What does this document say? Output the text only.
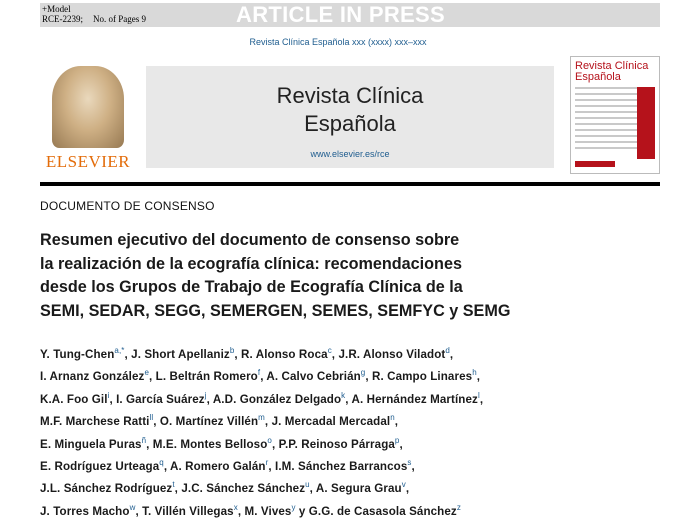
+Model
RCE-2239; No. of Pages 9	ARTICLE IN PRESS
Revista Clínica Española xxx (xxxx) xxx–xxx
ELSEVIER
Revista Clínica
Española
www.elsevier.es/rce
Revista Clínica
Española
DOCUMENTO DE CONSENSO
Resumen ejecutivo del documento de consenso sobre
la realización de la ecografía clínica: recomendaciones
desde los Grupos de Trabajo de Ecografía Clínica de la
SEMI, SEDAR, SEGG, SEMERGEN, SEMES, SEMFYC y SEMG
Y. Tung-Chen$^{a,*}$, J. Short Apellaniz$^b$, R. Alonso Roca$^c$, J.R. Alonso Viladot$^d$,
I. Arnanz González$^e$, L. Beltrán Romero$^f$, A. Calvo Cebrián$^g$, R. Campo Linares$^h$,
K.A. Foo Gil$^i$, I. García Suárez$^j$, A.D. González Delgado$^k$, A. Hernández Martínez$^l$,
M.F. Marchese Ratti$^{ll}$, O. Martínez Villén$^m$, J. Mercadal Mercadal$^n$,
E. Minguela Puras$^ñ$, M.E. Montes Belloso$^o$, P.P. Reinoso Párraga$^p$,
E. Rodríguez Urteaga$^q$, A. Romero Galán$^r$, I.M. Sánchez Barrancos$^s$,
J.L. Sánchez Rodríguez$^t$, J.C. Sánchez Sánchez$^u$, A. Segura Grau$^v$,
J. Torres Macho$^w$, T. Villén Villegas$^x$, M. Vives$^y$ y G.G. de Casasola Sánchez$^z$
